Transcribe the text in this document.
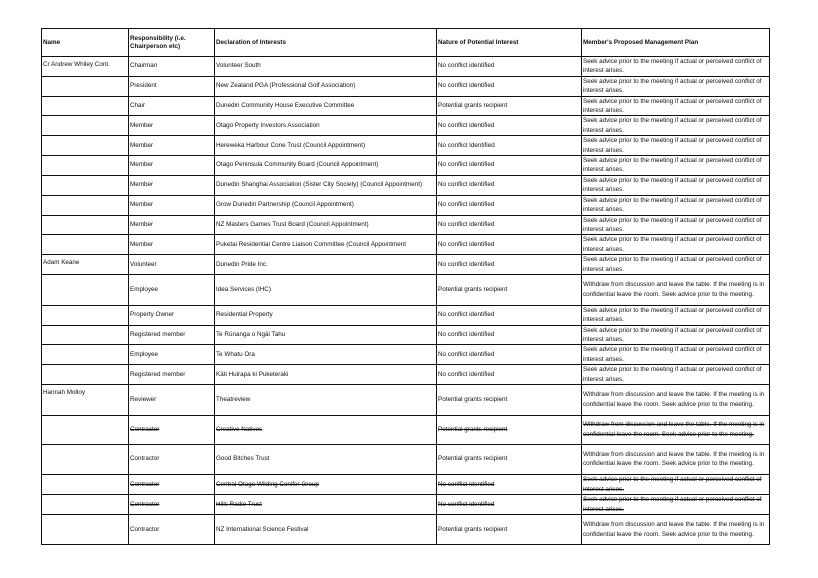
Name	Responsibility (i.e. Chairperson etc)	Declaration of Interests	Nature of Potential Interest	Member's Proposed Management Plan
Cr Andrew Whiley Cont.	Chairman	Volunteer South	No conflict identified	Seek advice prior to the meeting if actual or perceived conflict of interest arises.
	President	New Zealand PGA (Professional Golf Association)	No conflict identified	Seek advice prior to the meeting if actual or perceived conflict of interest arises.
	Chair	Dunedin Community House Executive Committee	Potential grants recipient	Seek advice prior to the meeting if actual or perceived conflict of interest arises.
	Member	Otago Property Investors Association	No conflict identified	Seek advice prior to the meeting if actual or perceived conflict of interest arises.
	Member	Hereweka Harbour Cone Trust (Council Appointment)	No conflict Identified	Seek advice prior to the meeting if actual or perceived conflict of interest arises.
	Member	Otago Peninsula Community Board (Council Appointment)	No conflict identified	Seek advice prior to the meeting if actual or perceived conflict of interest arises.
	Member	Dunedin Shanghai Association (Sister City Society) (Council Appointment)	No conflict identified	Seek advice prior to the meeting if actual or perceived conflict of interest arises.
	Member	Grow Dunedin Partnership (Council Appointment)	No conflict identified	Seek advice prior to the meeting if actual or perceived conflict of interest arises.
	Member	NZ Masters Games Trust Board (Council Appointment)	No conflict identified	Seek advice prior to the meeting if actual or perceived conflict of interest arises.
	Member	Puketai Residential Centre Liaison Committee (Council Appointment	No conflict identified	Seek advice prior to the meeting if actual or perceived conflict of interest arises.
Adam Keane	Volunteer	Dunedin Pride Inc.	No conflict identified	Seek advice prior to the meeting if actual or perceived conflict of interest arises.
	Employee	Idea Services (IHC)	Potential grants recipient	Withdraw from discussion and leave the table. If the meeting is in confidential leave the room. Seek advice prior to the meeting.
	Property Owner	Residential Property	No conflict identified	Seek advice prior to the meeting if actual or perceived conflict of interest arises.
	Registered member	Te Rūnanga o Ngāi Tahu	No conflict identified	Seek advice prior to the meeting if actual or perceived conflict of interest arises.
	Employee	Te Whatu Ora	No conflict identified	Seek advice prior to the meeting if actual or perceived conflict of interest arises.
	Registered member	Kāti Huirapa ki Puketeraki	No conflict identified	Seek advice prior to the meeting if actual or perceived conflict of interest arises.
Hannah Molloy	Reviewer	Theatreview	Potential grants recipient	Withdraw from discussion and leave the table. If the meeting is in confidential leave the room. Seek advice prior to the meeting.
	Contractor	Creative Natives	Potential grants recipient	Withdraw from discussion and leave the table. If the meeting is in confidential leave the room. Seek advice prior to the meeting.
	Contractor	Good Bitches Trust	Potential grants recipient	Withdraw from discussion and leave the table. If the meeting is in confidential leave the room. Seek advice prior to the meeting.
	Contractor	Central Otago Wilding Conifer Group	No conflict identified	Seek advice prior to the meeting if actual or perceived conflict of interest arises.
	Contractor	Hills Radio Trust	No conflict identified	Seek advice prior to the meeting if actual or perceived conflict of interest arises.
	Contractor	NZ International Science Festival	Potential grants recipient	Withdraw from discussion and leave the table. If the meeting is in confidential leave the room. Seek advice prior to the meeting.
